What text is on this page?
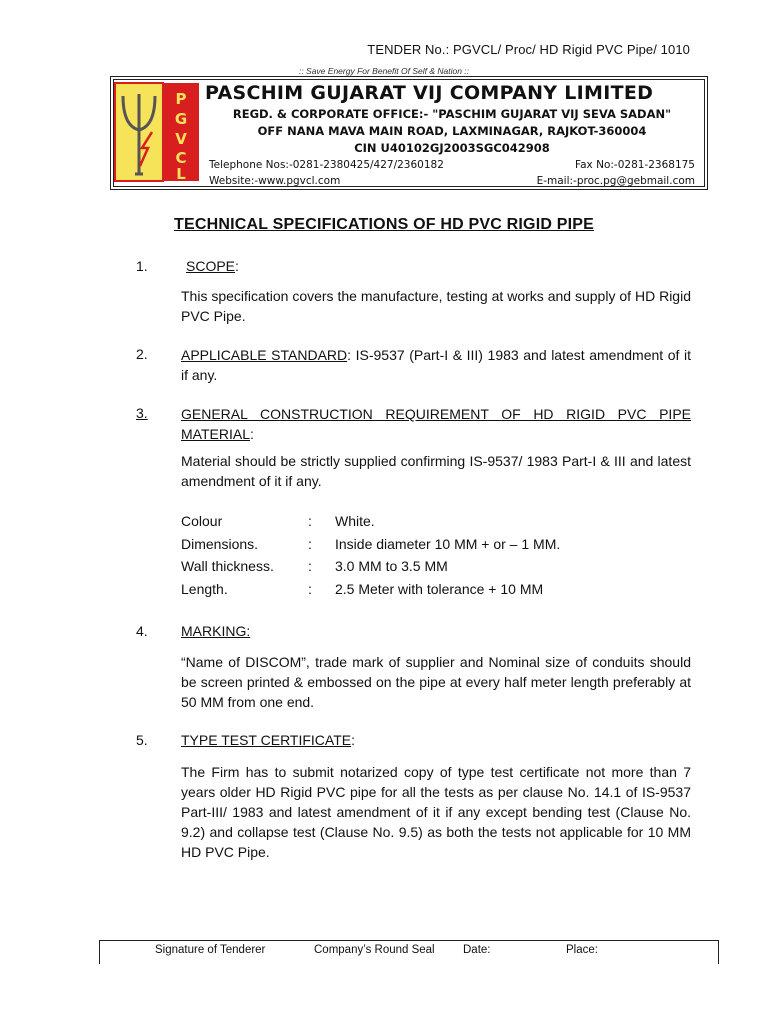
TENDER No.: PGVCL/ Proc/ HD Rigid PVC Pipe/ 1010
:: Save Energy For Benefit Of Self & Nation ::
P
G
V
C
L
PASCHIM GUJARAT VIJ COMPANY LIMITED
REGD. & CORPORATE OFFICE:- "PASCHIM GUJARAT VIJ SEVA SADAN"
OFF NANA MAVA MAIN ROAD, LAXMINAGAR, RAJKOT-360004
CIN U40102GJ2003SGC042908
Telephone Nos:-0281-2380425/427/2360182	Fax No:-0281-2368175
Website:-www.pgvcl.com	E-mail:-proc.pg@gebmail.com
TECHNICAL SPECIFICATIONS OF HD PVC RIGID PIPE
1.	SCOPE:
This specification covers the manufacture, testing at works and supply of HD Rigid PVC Pipe.
2. APPLICABLE STANDARD: IS-9537 (Part-I & III) 1983 and latest amendment of it if any.
3. GENERAL CONSTRUCTION REQUIREMENT OF HD RIGID PVC PIPE MATERIAL:
Material should be strictly supplied confirming IS-9537/ 1983 Part-I & III and latest amendment of it if any.
Colour	:	White.
Dimensions.	:	Inside diameter 10 MM + or – 1 MM.
Wall thickness.	:	3.0 MM to 3.5 MM
Length.	:	2.5 Meter with tolerance + 10 MM
4. MARKING:
“Name of DISCOM”, trade mark of supplier and Nominal size of conduits should be screen printed & embossed on the pipe at every half meter length preferably at 50 MM from one end.
5. TYPE TEST CERTIFICATE:
The Firm has to submit notarized copy of type test certificate not more than 7 years older HD Rigid PVC pipe for all the tests as per clause No. 14.1 of IS-9537 Part-III/ 1983 and latest amendment of it if any except bending test (Clause No. 9.2) and collapse test (Clause No. 9.5) as both the tests not applicable for 10 MM HD PVC Pipe.
Signature of Tenderer	Company’s Round Seal Date:	Place:
